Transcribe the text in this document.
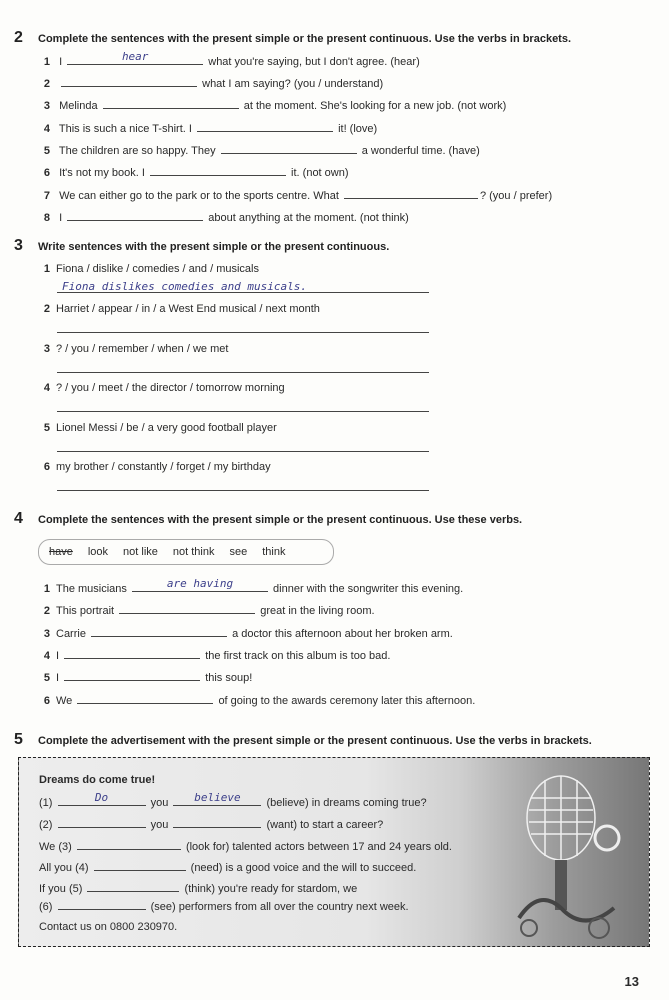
2 Complete the sentences with the present simple or the present continuous. Use the verbs in brackets.
1 I	hear	what you're saying, but I don't agree. (hear)
2	what I am saying? (you / understand)
3 Melinda	at the moment. She's looking for a new job. (not work)
4 This is such a nice T-shirt. I	it! (love)
5 The children are so happy. They	a wonderful time. (have)
6 It's not my book. I	it. (not own)
7 We can either go to the park or to the sports centre. What	? (you / prefer)
8 I	about anything at the moment. (not think)
3 Write sentences with the present simple or the present continuous.
1 Fiona / dislike / comedies / and / musicals
Fiona dislikes comedies and musicals.
2 Harriet / appear / in / a West End musical / next month
3 ? / you / remember / when / we met
4 ? / you / meet / the director / tomorrow morning
5 Lionel Messi / be / a very good football player
6 my brother / constantly / forget / my birthday
4 Complete the sentences with the present simple or the present continuous. Use these verbs.
have look not like not think see think
1 The musicians	are having	dinner with the songwriter this evening.
2 This portrait	great in the living room.
3 Carrie	a doctor this afternoon about her broken arm.
4 I	the first track on this album is too bad.
5 I	this soup!
6 We	of going to the awards ceremony later this afternoon.
5 Complete the advertisement with the present simple or the present continuous. Use the verbs in brackets.
Dreams do come true!
(1)	Do	you	believe	(believe) in dreams coming true?
(2)	you	(want) to start a career?
We (3)	(look for) talented actors between 17 and 24 years old.
All you (4)	(need) is a good voice and the will to succeed.
If you (5)	(think) you're ready for stardom, we
(6)	(see) performers from all over the country next week.
Contact us on 0800 230970.
13
